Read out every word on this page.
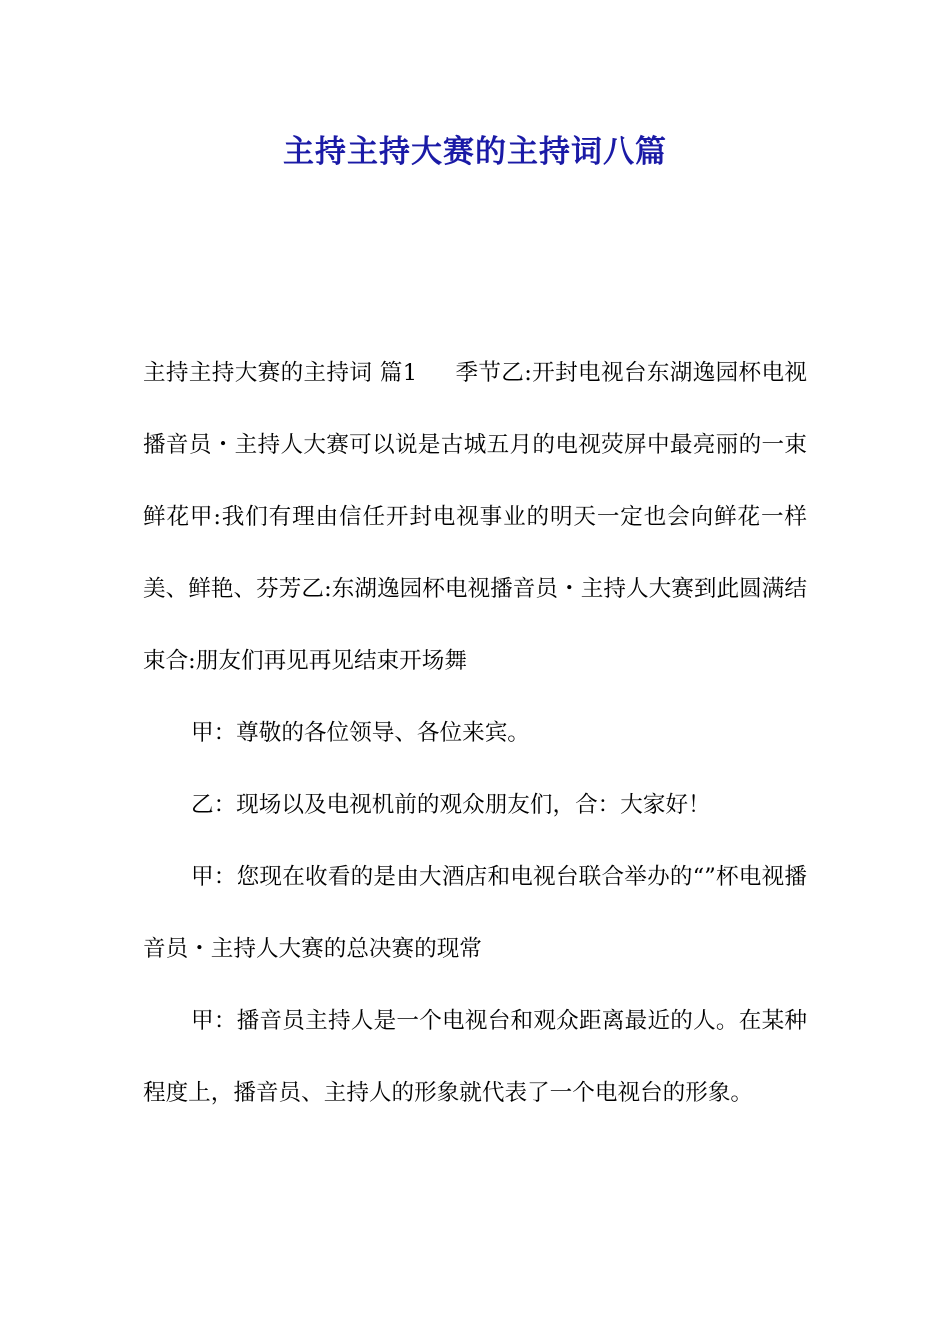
主持主持大赛的主持词八篇

主持主持大赛的主持词 篇1 季节乙:开封电视台东湖逸园杯电视播音员・主持人大赛可以说是古城五月的电视荧屏中最亮丽的一束鲜花甲:我们有理由信任开封电视事业的明天一定也会向鲜花一样美、鲜艳、芬芳乙:东湖逸园杯电视播音员・主持人大赛到此圆满结束合:朋友们再见再见结束开场舞

甲：尊敬的各位领导、各位来宾。

乙：现场以及电视机前的观众朋友们，合：大家好！

甲：您现在收看的是由大酒店和电视台联合举办的“”杯电视播音员・主持人大赛的总决赛的现常

甲：播音员主持人是一个电视台和观众距离最近的人。在某种程度上，播音员、主持人的形象就代表了一个电视台的形象。
